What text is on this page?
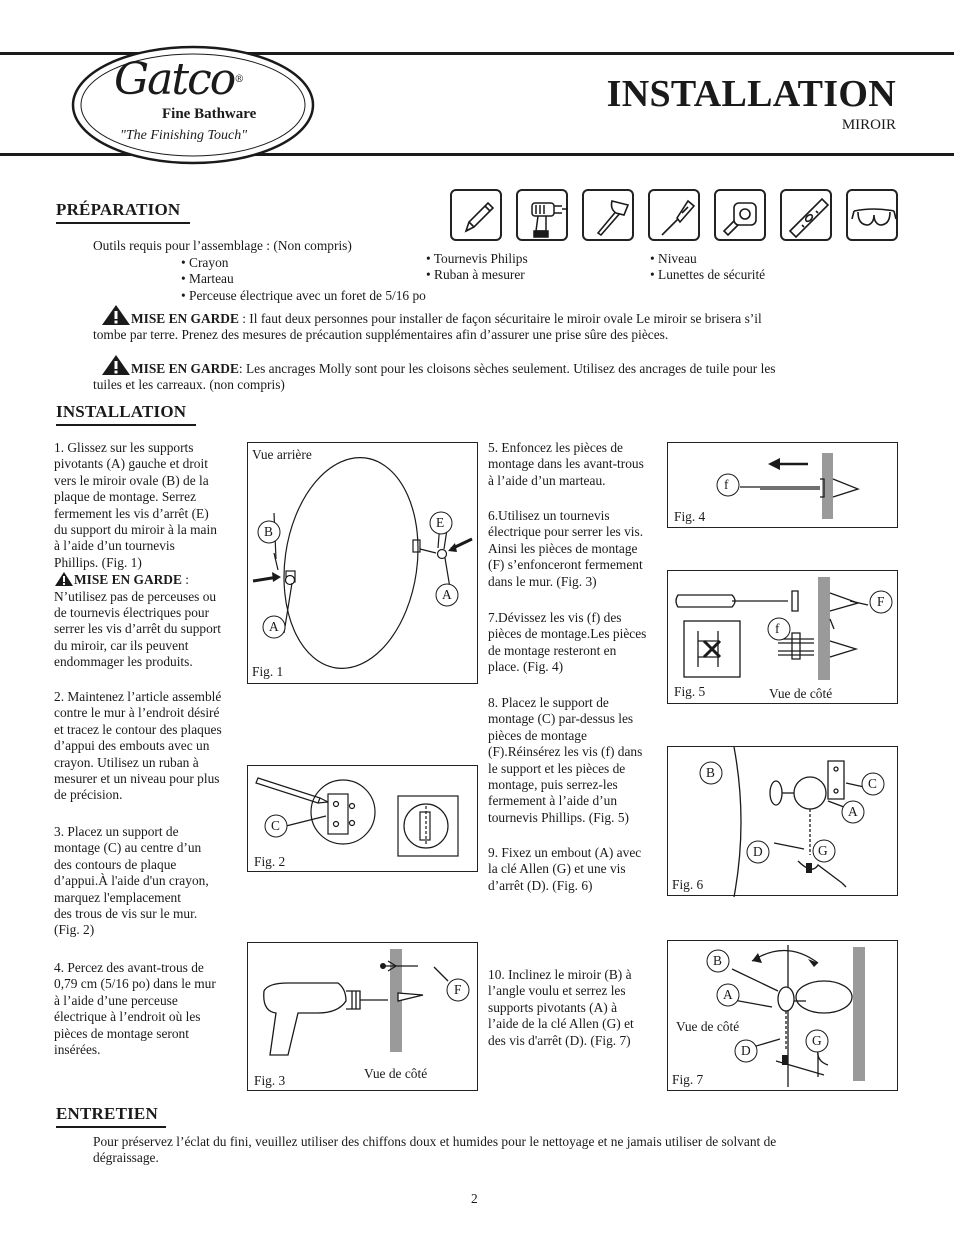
Gatco®
Fine Bathware
"The Finishing Touch"
INSTALLATION
MIROIR
PRÉPARATION
Outils requis pour l’assemblage : (Non compris)
• Crayon
• Marteau
• Perceuse électrique avec un foret de 5/16 po
• Tournevis Philips
• Ruban à mesurer
• Niveau
• Lunettes de sécurité
MISE EN GARDE : Il faut deux personnes pour installer de façon sécuritaire le miroir ovale Le miroir se brisera s’il
tombe par terre. Prenez des mesures de précaution supplémentaires afin d’assurer une prise sûre des pièces.
MISE EN GARDE: Les ancrages Molly sont pour les cloisons sèches seulement. Utilisez des ancrages de tuile pour les
tuiles et les carreaux. (non compris)
INSTALLATION
1. Glissez sur les supports
pivotants (A) gauche et droit
vers le miroir ovale (B) de la
plaque de montage. Serrez
fermement les vis d’arrêt (E)
du support du miroir à la main
à l’aide d’un tournevis
Phillips. (Fig. 1)
MISE EN GARDE :
N’utilisez pas de perceuses ou
de tournevis électriques pour
serrer les vis d’arrêt du support
du miroir, car ils peuvent
endommager les produits.
2. Maintenez l’article assemblé
contre le mur à l’endroit désiré
et tracez le contour des plaques
d’appui des embouts avec un
crayon. Utilisez un ruban à
mesurer et un niveau pour plus
de précision.
3. Placez un support de
montage (C) au centre d’un
des contours de plaque
d’appui.À l'aide d'un crayon,
marquez l'emplacement
des trous de vis sur le mur.
(Fig. 2)
4. Percez des avant-trous de
0,79 cm (5/16 po) dans le mur
à l’aide d’une perceuse
électrique à l’endroit où les
pièces de montage seront
insérées.
5. Enfoncez les pièces de
montage dans les avant-trous
à l’aide d’un marteau.
6.Utilisez un tournevis
électrique pour serrer les vis.
Ainsi les pièces de montage
(F) s’enfonceront fermement
dans le mur. (Fig. 3)
7.Dévissez les vis (f) des
pièces de montage.Les pièces
de montage resteront en
place. (Fig. 4)
8. Placez le support de
montage (C) par-dessus les
pièces de montage
(F).Réinsérez les vis (f) dans
le support et les pièces de
montage, puis serrez-les
fermement à l’aide d’un
tournevis Phillips. (Fig. 5)
9. Fixez un embout (A) avec
la clé Allen (G) et une vis
d’arrêt (D). (Fig. 6)
10. Inclinez le miroir (B) à
l’angle voulu et serrez les
supports pivotants (A) à
l’aide de la clé Allen (G) et
des vis d'arrêt (D). (Fig. 7)
Vue arrière
B
E
A
A
Fig. 1
C
Fig. 2
F
Fig. 3	Vue de côté
f
Fig. 4
F
f
Fig. 5	Vue de côté
B
C
A
D	G
Fig. 6
B
A
Vue de côté
D
G
Fig. 7
ENTRETIEN
Pour préservez l’éclat du fini, veuillez utiliser des chiffons doux et humides pour le nettoyage et ne jamais utiliser de solvant de
dégraissage.
2
